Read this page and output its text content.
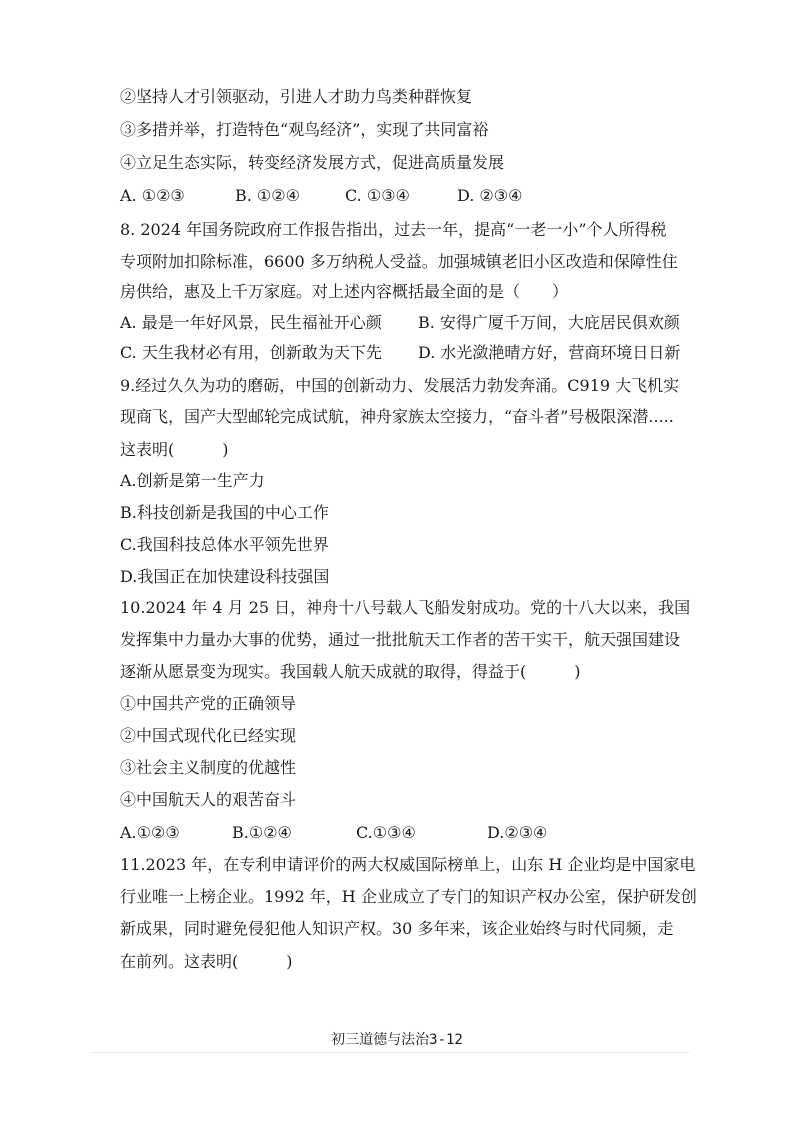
②坚持人才引领驱动，引进人才助力鸟类种群恢复
③多措并举，打造特色“观鸟经济”，实现了共同富裕
④立足生态实际，转变经济发展方式，促进高质量发展
A. ①②③	B. ①②④	C. ①③④	D. ②③④
8. 2024 年国务院政府工作报告指出，过去一年，提高“一老一小”个人所得税
专项附加扣除标准，6600 多万纳税人受益。加强城镇老旧小区改造和保障性住
房供给，惠及上千万家庭。对上述内容概括最全面的是（　　）
A. 最是一年好风景，民生福祉开心颜 B. 安得广厦千万间，大庇居民俱欢颜
C. 天生我材必有用，创新敢为天下先 D. 水光潋滟晴方好，营商环境日日新
9.经过久久为功的磨砺，中国的创新动力、发展活力勃发奔涌。C919 大飞机实
现商飞，国产大型邮轮完成试航，神舟家族太空接力，“奋斗者”号极限深潜.....
这表明(　　　)
A.创新是第一生产力
B.科技创新是我国的中心工作
C.我国科技总体水平领先世界
D.我国正在加快建设科技强国
10.2024 年 4 月 25 日，神舟十八号载人飞船发射成功。党的十八大以来，我国
发挥集中力量办大事的优势，通过一批批航天工作者的苦干实干，航天强国建设
逐渐从愿景变为现实。我国载人航天成就的取得，得益于(　　　)
①中国共产党的正确领导
②中国式现代化已经实现
③社会主义制度的优越性
④中国航天人的艰苦奋斗
A.①②③	B.①②④	C.①③④	D.②③④
11.2023 年，在专利申请评价的两大权威国际榜单上，山东 H 企业均是中国家电
行业唯一上榜企业。1992 年，H 企业成立了专门的知识产权办公室，保护研发创
新成果，同时避免侵犯他人知识产权。30 多年来，该企业始终与时代同频，走
在前列。这表明(　　　)
初三道德与法治3-12
